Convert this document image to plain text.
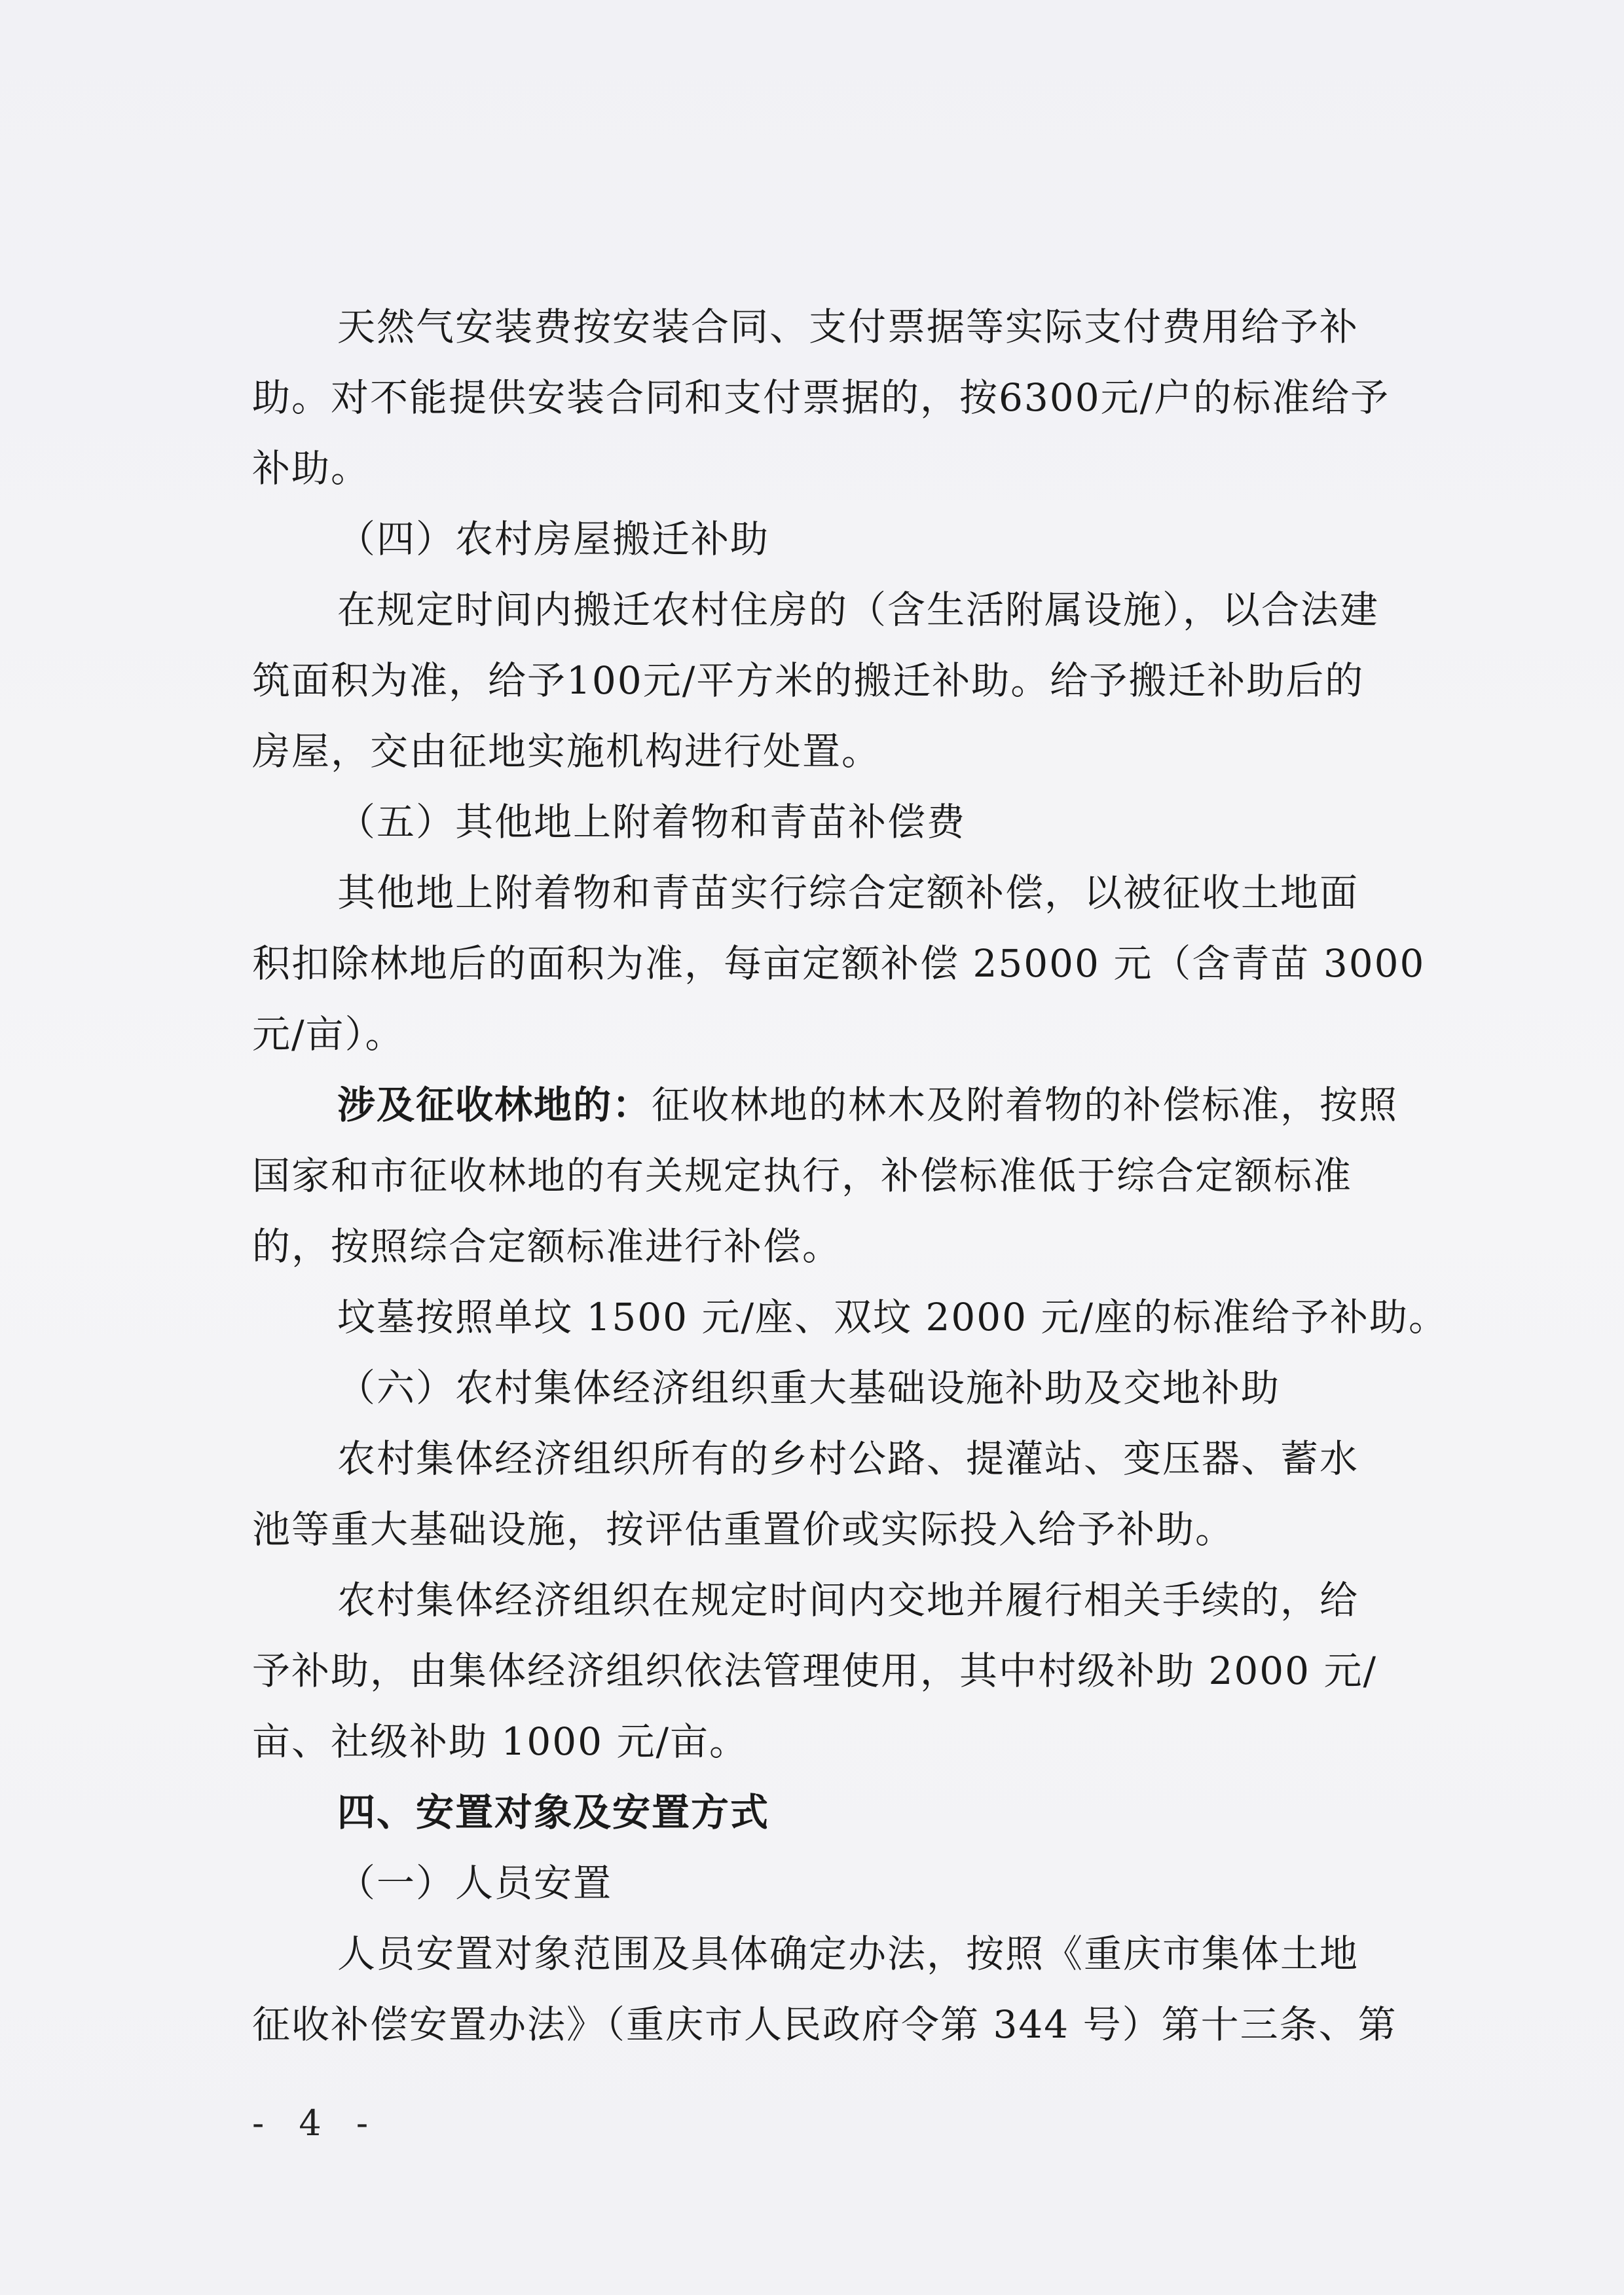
天然气安装费按安装合同、支付票据等实际支付费用给予补
助。对不能提供安装合同和支付票据的，按6300元/户的标准给予
补助。
（四）农村房屋搬迁补助
在规定时间内搬迁农村住房的（含生活附属设施），以合法建
筑面积为准，给予100元/平方米的搬迁补助。给予搬迁补助后的
房屋，交由征地实施机构进行处置。
（五）其他地上附着物和青苗补偿费
其他地上附着物和青苗实行综合定额补偿，以被征收土地面
积扣除林地后的面积为准，每亩定额补偿 25000 元（含青苗 3000
元/亩）。
涉及征收林地的：征收林地的林木及附着物的补偿标准，按照
国家和市征收林地的有关规定执行，补偿标准低于综合定额标准
的，按照综合定额标准进行补偿。
坟墓按照单坟 1500 元/座、双坟 2000 元/座的标准给予补助。
（六）农村集体经济组织重大基础设施补助及交地补助
农村集体经济组织所有的乡村公路、提灌站、变压器、蓄水
池等重大基础设施，按评估重置价或实际投入给予补助。
农村集体经济组织在规定时间内交地并履行相关手续的，给
予补助，由集体经济组织依法管理使用，其中村级补助 2000 元/
亩、社级补助 1000 元/亩。
四、安置对象及安置方式
（一）人员安置
人员安置对象范围及具体确定办法，按照《重庆市集体土地
征收补偿安置办法》（重庆市人民政府令第 344 号）第十三条、第
- 4 -
